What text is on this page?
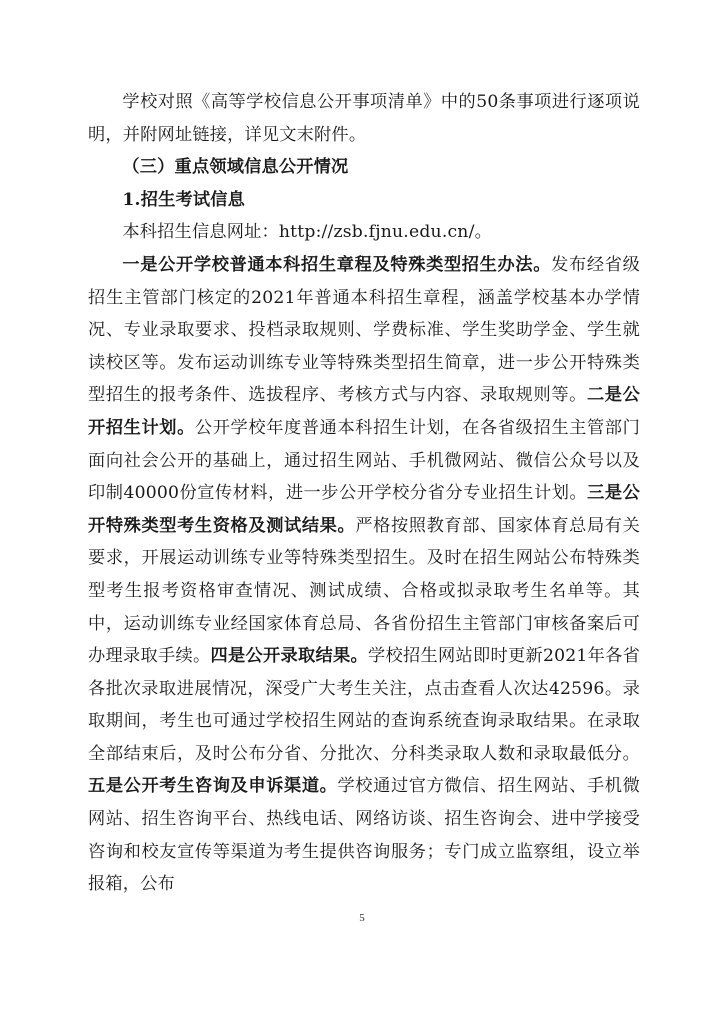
学校对照《高等学校信息公开事项清单》中的50条事项进行逐项说明，并附网址链接，详见文末附件。

（三）重点领域信息公开情况

1.招生考试信息

本科招生信息网址：http://zsb.fjnu.edu.cn/。

一是公开学校普通本科招生章程及特殊类型招生办法。发布经省级招生主管部门核定的2021年普通本科招生章程，涵盖学校基本办学情况、专业录取要求、投档录取规则、学费标准、学生奖助学金、学生就读校区等。发布运动训练专业等特殊类型招生简章，进一步公开特殊类型招生的报考条件、选拔程序、考核方式与内容、录取规则等。二是公开招生计划。公开学校年度普通本科招生计划，在各省级招生主管部门面向社会公开的基础上，通过招生网站、手机微网站、微信公众号以及印制40000份宣传材料，进一步公开学校分省分专业招生计划。三是公开特殊类型考生资格及测试结果。严格按照教育部、国家体育总局有关要求，开展运动训练专业等特殊类型招生。及时在招生网站公布特殊类型考生报考资格审查情况、测试成绩、合格或拟录取考生名单等。其中，运动训练专业经国家体育总局、各省份招生主管部门审核备案后可办理录取手续。四是公开录取结果。学校招生网站即时更新2021年各省各批次录取进展情况，深受广大考生关注，点击查看人次达42596。录取期间，考生也可通过学校招生网站的查询系统查询录取结果。在录取全部结束后，及时公布分省、分批次、分科类录取人数和录取最低分。五是公开考生咨询及申诉渠道。学校通过官方微信、招生网站、手机微网站、招生咨询平台、热线电话、网络访谈、招生咨询会、进中学接受咨询和校友宣传等渠道为考生提供咨询服务；专门成立监察组，设立举报箱，公布

5
